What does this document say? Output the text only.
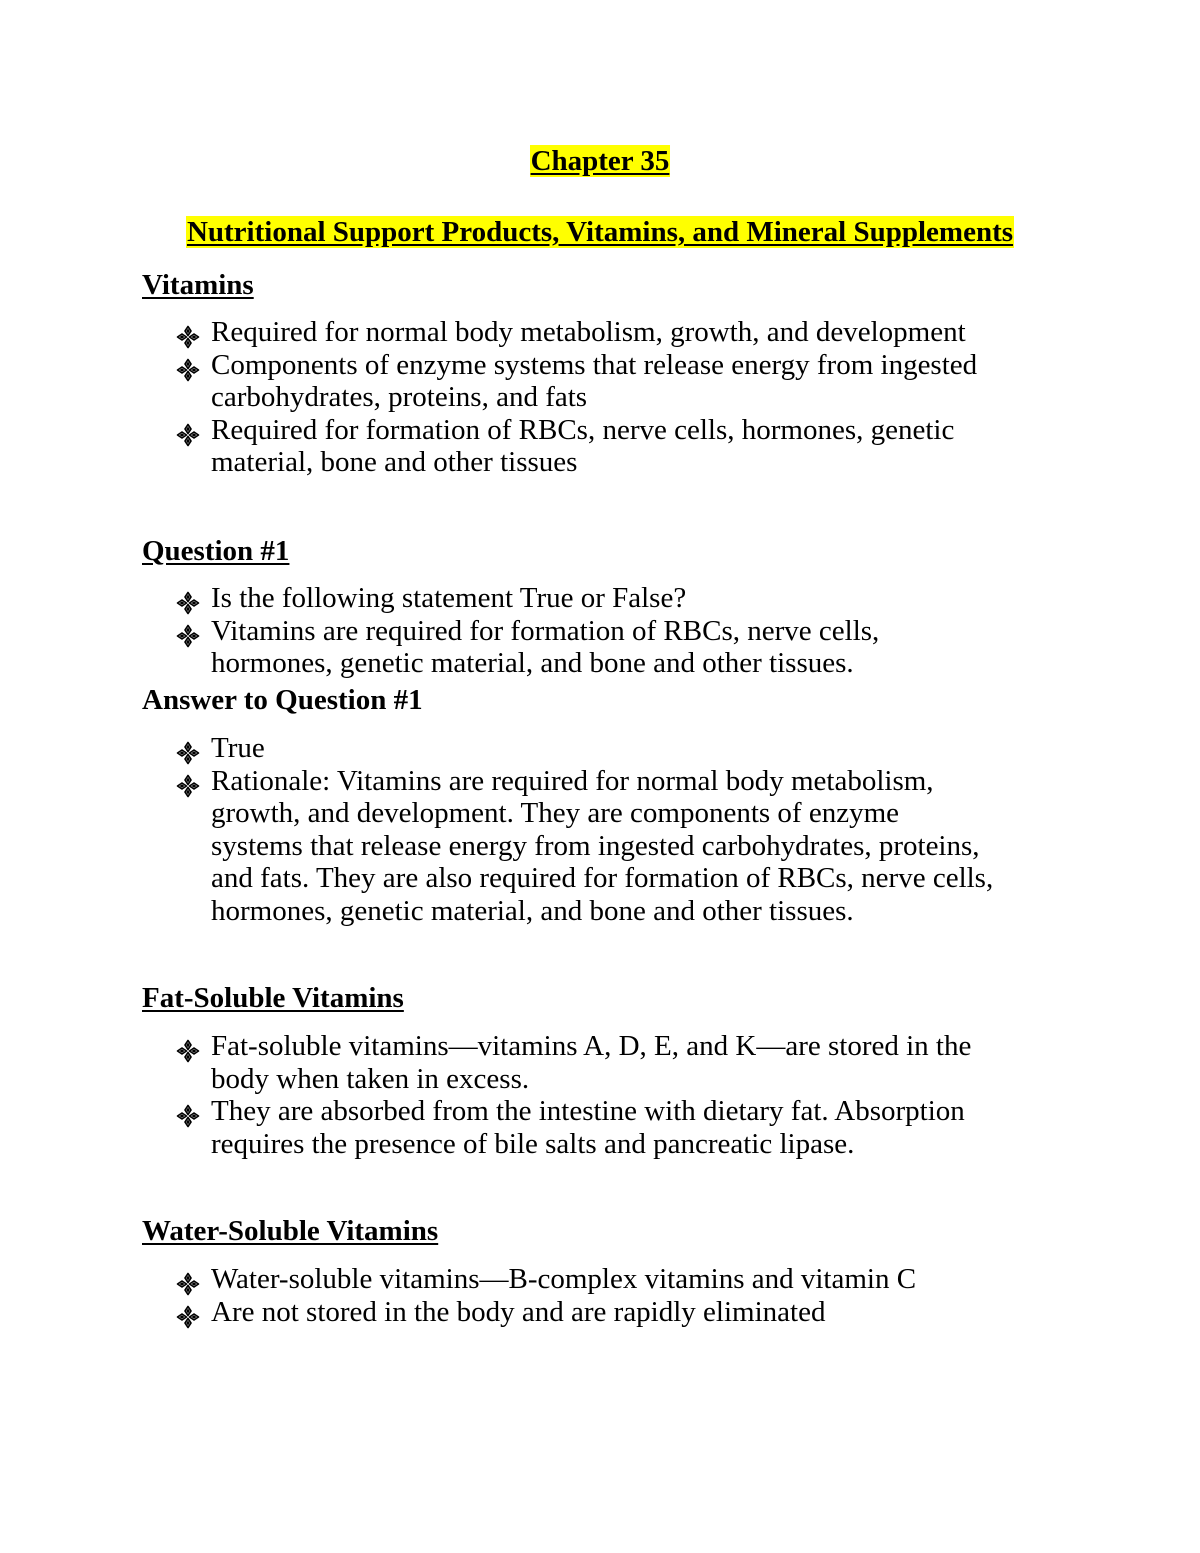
Chapter 35
Nutritional Support Products, Vitamins, and Mineral Supplements
Vitamins
Required for normal body metabolism, growth, and development
Components of enzyme systems that release energy from ingested
carbohydrates, proteins, and fats
Required for formation of RBCs, nerve cells, hormones, genetic
material, bone and other tissues
Question #1
Is the following statement True or False?
Vitamins are required for formation of RBCs, nerve cells,
hormones, genetic material, and bone and other tissues.
Answer to Question #1
True
Rationale: Vitamins are required for normal body metabolism,
growth, and development. They are components of enzyme
systems that release energy from ingested carbohydrates, proteins,
and fats. They are also required for formation of RBCs, nerve cells,
hormones, genetic material, and bone and other tissues.
Fat-Soluble Vitamins
Fat-soluble vitamins—vitamins A, D, E, and K—are stored in the
body when taken in excess.
They are absorbed from the intestine with dietary fat. Absorption
requires the presence of bile salts and pancreatic lipase.
Water-Soluble Vitamins
Water-soluble vitamins—B-complex vitamins and vitamin C
Are not stored in the body and are rapidly eliminated
